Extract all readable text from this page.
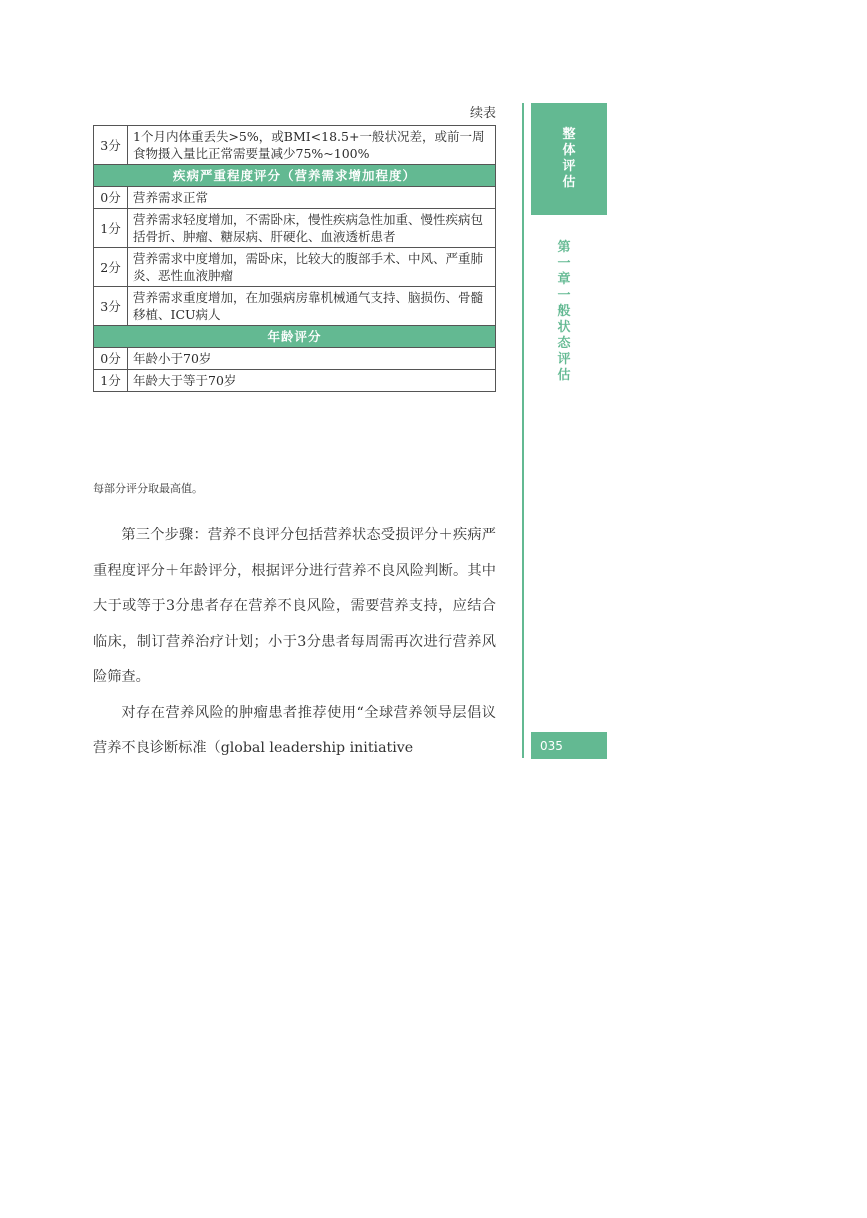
续表
3分	1个月内体重丢失>5%，或BMI<18.5+一般状况差，或前一周食物摄入量比正常需要量减少75%~100%
疾病严重程度评分（营养需求增加程度）	
0分	营养需求正常
1分	营养需求轻度增加，不需卧床，慢性疾病急性加重、慢性疾病包括骨折、肿瘤、糖尿病、肝硬化、血液透析患者
2分	营养需求中度增加，需卧床，比较大的腹部手术、中风、严重肺炎、恶性血液肿瘤
3分	营养需求重度增加，在加强病房靠机械通气支持、脑损伤、骨髓移植、ICU病人
年龄评分	
0分	年龄小于70岁
1分	年龄大于等于70岁
每部分评分取最高值。

第三个步骤：营养不良评分包括营养状态受损评分＋疾病严重程度评分＋年龄评分，根据评分进行营养不良风险判断。其中大于或等于3分患者存在营养不良风险，需要营养支持，应结合临床，制订营养治疗计划；小于3分患者每周需再次进行营养风险筛查。

对存在营养风险的肿瘤患者推荐使用“全球营养领导层倡议营养不良诊断标准（global leadership initiative

整体评估
第一章　一般状态评估
035
